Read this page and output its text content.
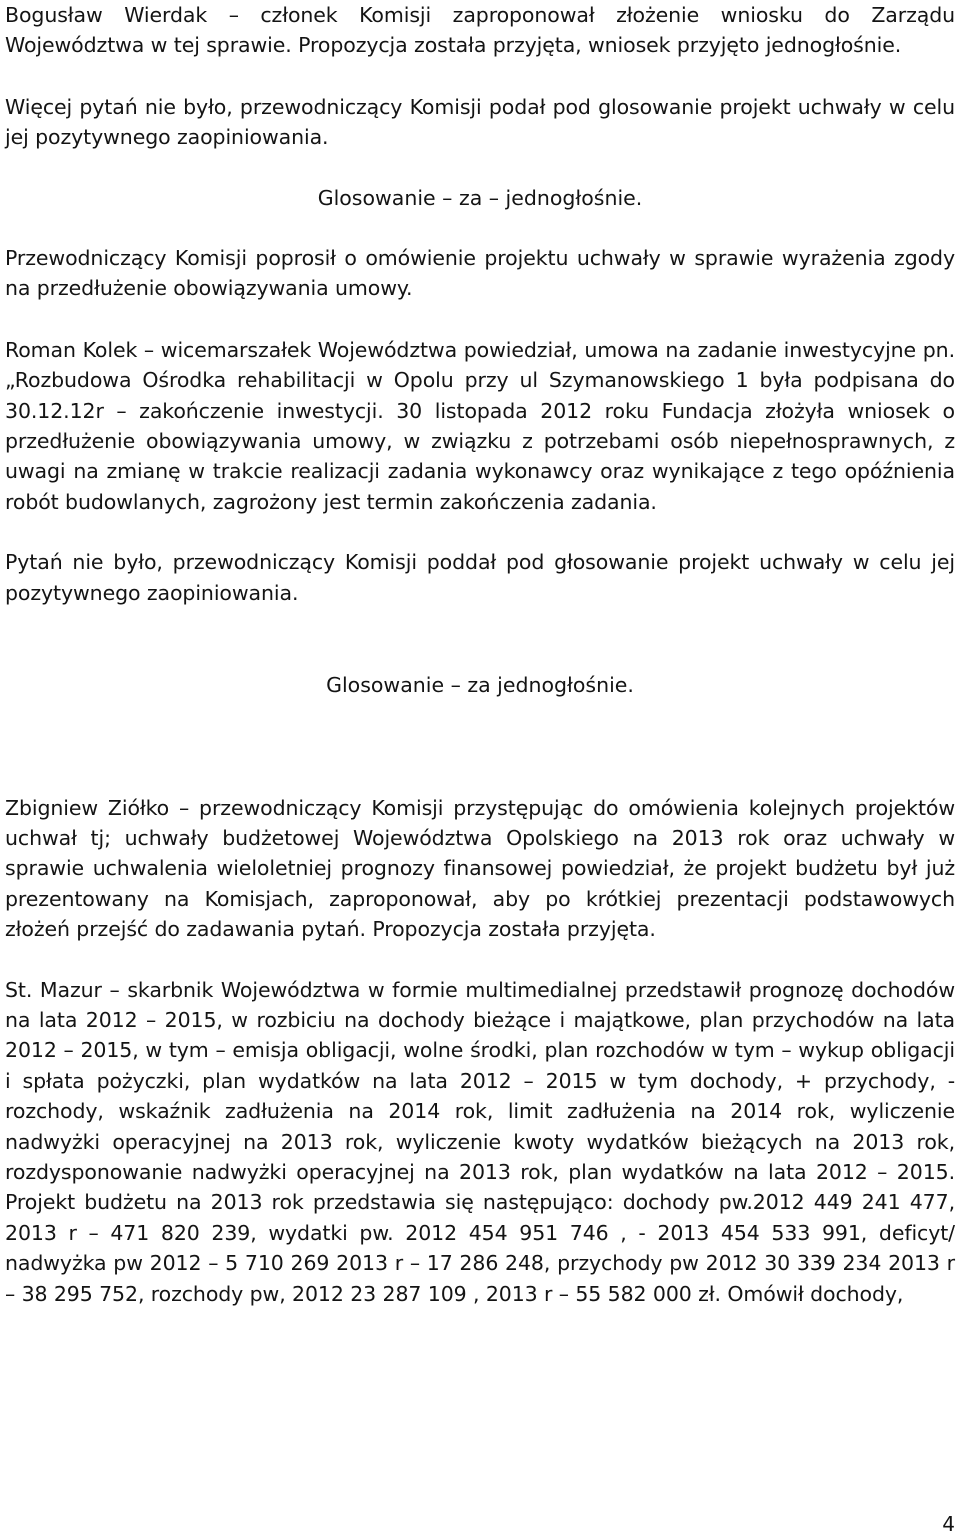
Bogusław Wierdak – członek Komisji zaproponował złożenie wniosku do Zarządu Województwa w tej sprawie. Propozycja została przyjęta, wniosek przyjęto jednogłośnie.

Więcej pytań nie było, przewodniczący Komisji podał pod glosowanie projekt uchwały w celu jej pozytywnego zaopiniowania.

Glosowanie – za – jednogłośnie.

Przewodniczący Komisji poprosił o omówienie projektu uchwały w sprawie wyrażenia zgody na przedłużenie obowiązywania umowy.

Roman Kolek – wicemarszałek Województwa powiedział, umowa na zadanie inwestycyjne pn. „Rozbudowa Ośrodka rehabilitacji w Opolu przy ul Szymanowskiego 1 była podpisana do 30.12.12r – zakończenie inwestycji. 30 listopada 2012 roku Fundacja złożyła wniosek o przedłużenie obowiązywania umowy, w związku z potrzebami osób niepełnosprawnych, z uwagi na zmianę w trakcie realizacji zadania wykonawcy oraz wynikające z tego opóźnienia robót budowlanych, zagrożony jest termin zakończenia zadania.

Pytań nie było, przewodniczący Komisji poddał pod głosowanie projekt uchwały w celu jej pozytywnego zaopiniowania.

Glosowanie – za jednogłośnie.

Zbigniew Ziółko – przewodniczący Komisji przystępując do omówienia kolejnych projektów uchwał tj; uchwały budżetowej Województwa Opolskiego na 2013 rok oraz uchwały w sprawie uchwalenia wieloletniej prognozy finansowej powiedział, że projekt budżetu był już prezentowany na Komisjach, zaproponował, aby po krótkiej prezentacji podstawowych złożeń przejść do zadawania pytań. Propozycja została przyjęta.

St. Mazur – skarbnik Województwa w formie multimedialnej przedstawił prognozę dochodów na lata 2012 – 2015, w rozbiciu na dochody bieżące i majątkowe, plan przychodów na lata 2012 – 2015, w tym – emisja obligacji, wolne środki, plan rozchodów w tym – wykup obligacji i spłata pożyczki, plan wydatków na lata 2012 – 2015 w tym dochody, + przychody, -rozchody, wskaźnik zadłużenia na 2014 rok, limit zadłużenia na 2014 rok, wyliczenie nadwyżki operacyjnej na 2013 rok, wyliczenie kwoty wydatków bieżących na 2013 rok, rozdysponowanie nadwyżki operacyjnej na 2013 rok, plan wydatków na lata 2012 – 2015. Projekt budżetu na 2013 rok przedstawia się następująco: dochody pw.2012 449 241 477, 2013 r – 471 820 239, wydatki pw. 2012 454 951 746 , - 2013 454 533 991, deficyt/ nadwyżka pw 2012 – 5 710 269 2013 r – 17 286 248, przychody pw 2012 30 339 234 2013 r – 38 295 752, rozchody pw, 2012 23 287 109 , 2013 r – 55 582 000 zł. Omówił dochody,

4
